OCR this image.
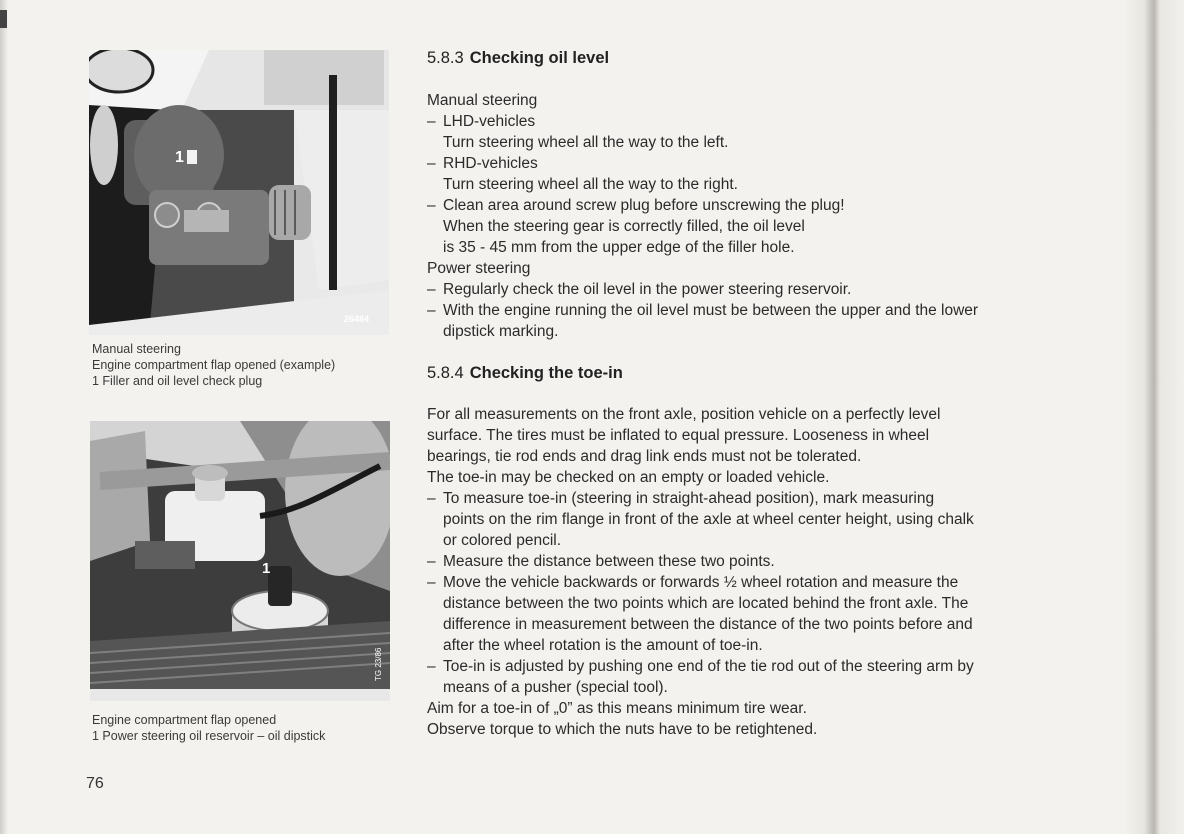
1
26484
Manual steering
Engine compartment flap opened (example)
1 Filler and oil level check plug
1
TG 23/86
Engine compartment flap opened
1 Power steering oil reservoir – oil dipstick
76
5.8.3 Checking oil level
Manual steering
– LHD-vehicles
Turn steering wheel all the way to the left.
– RHD-vehicles
Turn steering wheel all the way to the right.
– Clean area around screw plug before unscrewing the plug!
When the steering gear is correctly filled, the oil level
is 35 - 45 mm from the upper edge of the filler hole.
Power steering
– Regularly check the oil level in the power steering reservoir.
– With the engine running the oil level must be between the upper and the lower
dipstick marking.
5.8.4 Checking the toe-in
For all measurements on the front axle, position vehicle on a perfectly level
surface. The tires must be inflated to equal pressure. Looseness in wheel
bearings, tie rod ends and drag link ends must not be tolerated.
The toe-in may be checked on an empty or loaded vehicle.
– To measure toe-in (steering in straight-ahead position), mark measuring
points on the rim flange in front of the axle at wheel center height, using chalk
or colored pencil.
– Measure the distance between these two points.
– Move the vehicle backwards or forwards ½ wheel rotation and measure the
distance between the two points which are located behind the front axle. The
difference in measurement between the distance of the two points before and
after the wheel rotation is the amount of toe-in.
– Toe-in is adjusted by pushing one end of the tie rod out of the steering arm by
means of a pusher (special tool).
Aim for a toe-in of „0” as this means minimum tire wear.
Observe torque to which the nuts have to be retightened.
